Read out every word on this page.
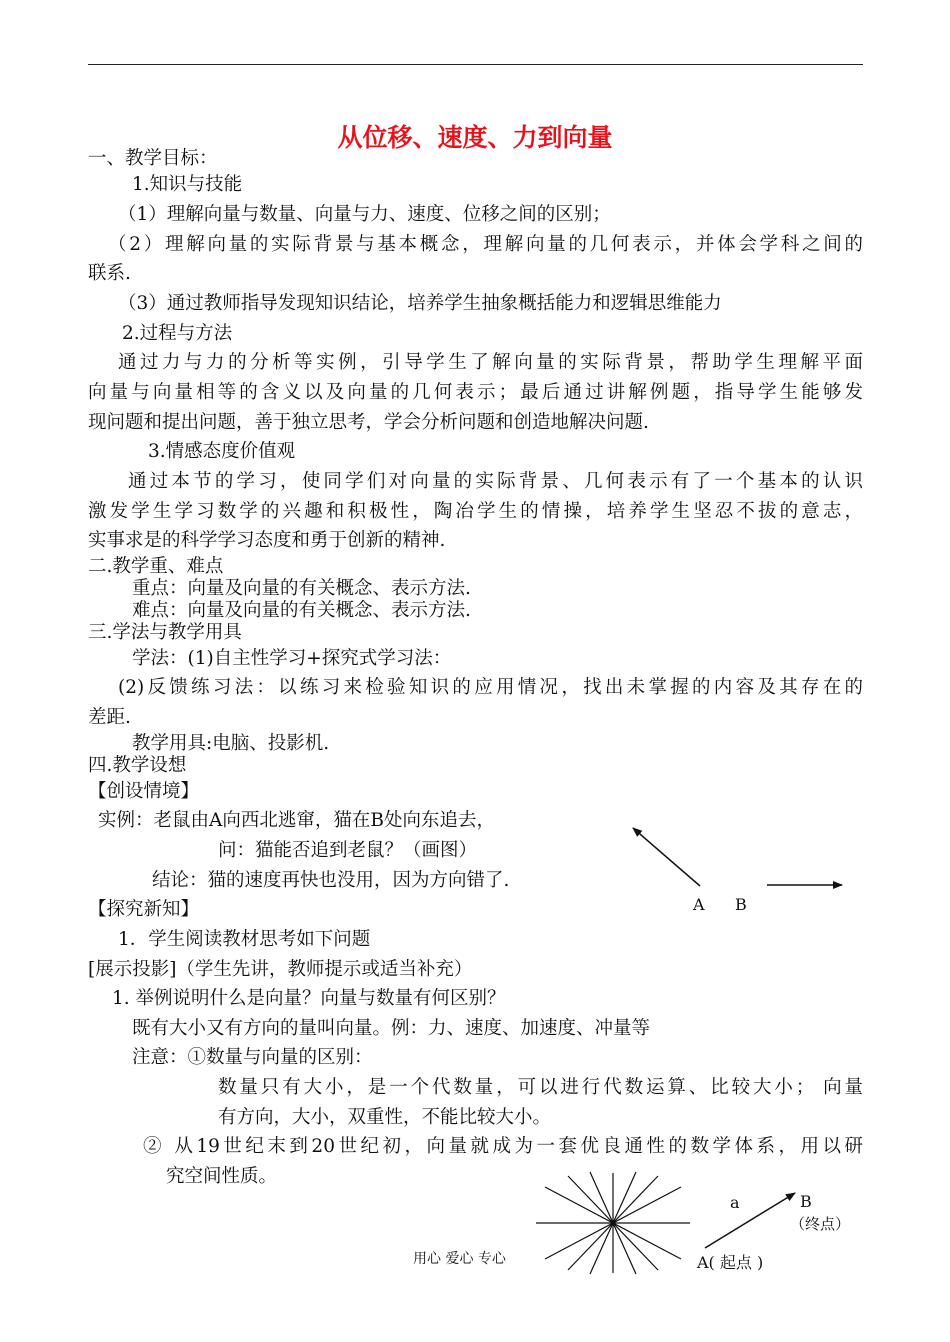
从位移、速度、力到向量
一、教学目标：
1.知识与技能
（1）理解向量与数量、向量与力、速度、位移之间的区别；
（2）理解向量的实际背景与基本概念，理解向量的几何表示，并体会学科之间的
联系.
（3）通过教师指导发现知识结论，培养学生抽象概括能力和逻辑思维能力
2.过程与方法
通过力与力的分析等实例，引导学生了解向量的实际背景，帮助学生理解平面
向量与向量相等的含义以及向量的几何表示；最后通过讲解例题，指导学生能够发
现问题和提出问题，善于独立思考，学会分析问题和创造地解决问题.
3.情感态度价值观
通过本节的学习，使同学们对向量的实际背景、几何表示有了一个基本的认识
激发学生学习数学的兴趣和积极性，陶冶学生的情操，培养学生坚忍不拔的意志，
实事求是的科学学习态度和勇于创新的精神.
二.教学重、难点
重点：向量及向量的有关概念、表示方法.
难点：向量及向量的有关概念、表示方法.
三.学法与教学用具
学法：(1)自主性学习+探究式学习法：
(2)反馈练习法：以练习来检验知识的应用情况，找出未掌握的内容及其存在的
差距.
教学用具:电脑、投影机.
四.教学设想
【创设情境】
实例：老鼠由A向西北逃窜，猫在B处向东追去，
问：猫能否追到老鼠？（画图）
结论：猫的速度再快也没用，因为方向错了.
【探究新知】
1．学生阅读教材思考如下问题
[展示投影]（学生先讲，教师提示或适当补充）
1. 举例说明什么是向量？向量与数量有何区别？
既有大小又有方向的量叫向量。例：力、速度、加速度、冲量等
注意：①数量与向量的区别：
数量只有大小，是一个代数量，可以进行代数运算、比较大小； 向量
有方向，大小，双重性，不能比较大小。
② 从19世纪末到20世纪初，向量就成为一套优良通性的数学体系，用以研
究空间性质。
A B
a	B
（终点）
A( 起点 )
用心 爱心 专心
